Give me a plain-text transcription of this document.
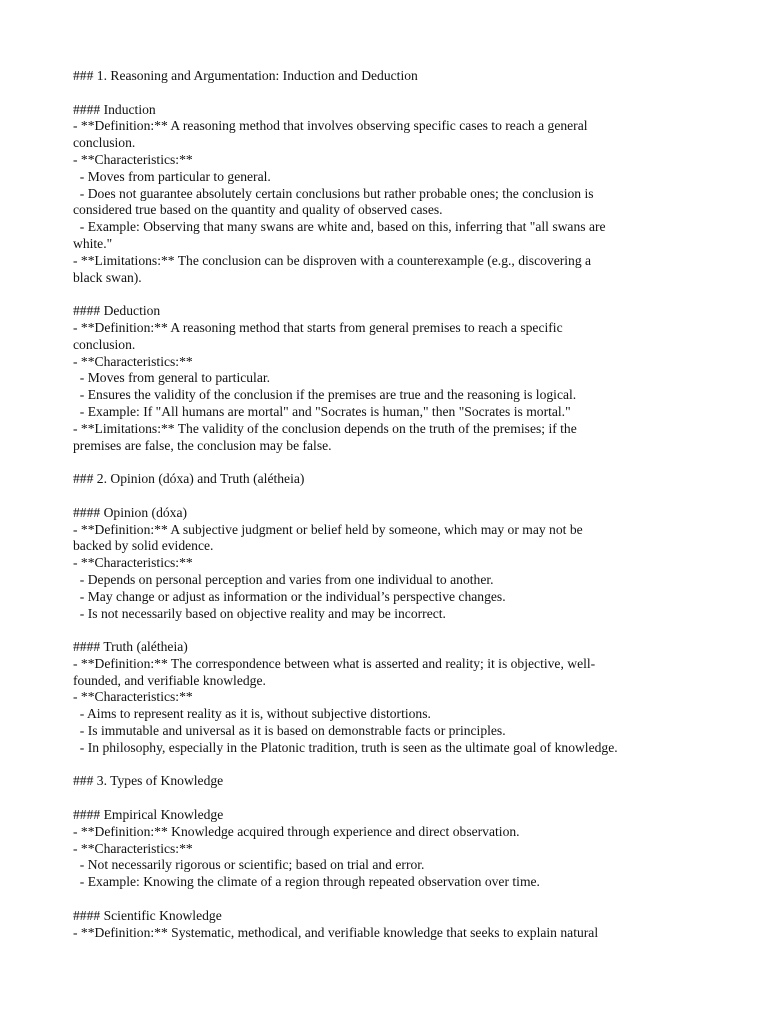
### 1. Reasoning and Argumentation: Induction and Deduction
#### Induction
- **Definition:** A reasoning method that involves observing specific cases to reach a general
conclusion.
- **Characteristics:**
- Moves from particular to general.
- Does not guarantee absolutely certain conclusions but rather probable ones; the conclusion is
considered true based on the quantity and quality of observed cases.
- Example: Observing that many swans are white and, based on this, inferring that "all swans are
white."
- **Limitations:** The conclusion can be disproven with a counterexample (e.g., discovering a
black swan).
#### Deduction
- **Definition:** A reasoning method that starts from general premises to reach a specific
conclusion.
- **Characteristics:**
- Moves from general to particular.
- Ensures the validity of the conclusion if the premises are true and the reasoning is logical.
- Example: If "All humans are mortal" and "Socrates is human," then "Socrates is mortal."
- **Limitations:** The validity of the conclusion depends on the truth of the premises; if the
premises are false, the conclusion may be false.
### 2. Opinion (dóxa) and Truth (alétheia)
#### Opinion (dóxa)
- **Definition:** A subjective judgment or belief held by someone, which may or may not be
backed by solid evidence.
- **Characteristics:**
- Depends on personal perception and varies from one individual to another.
- May change or adjust as information or the individual’s perspective changes.
- Is not necessarily based on objective reality and may be incorrect.
#### Truth (alétheia)
- **Definition:** The correspondence between what is asserted and reality; it is objective, well-
founded, and verifiable knowledge.
- **Characteristics:**
- Aims to represent reality as it is, without subjective distortions.
- Is immutable and universal as it is based on demonstrable facts or principles.
- In philosophy, especially in the Platonic tradition, truth is seen as the ultimate goal of knowledge.
### 3. Types of Knowledge
#### Empirical Knowledge
- **Definition:** Knowledge acquired through experience and direct observation.
- **Characteristics:**
- Not necessarily rigorous or scientific; based on trial and error.
- Example: Knowing the climate of a region through repeated observation over time.
#### Scientific Knowledge
- **Definition:** Systematic, methodical, and verifiable knowledge that seeks to explain natural
